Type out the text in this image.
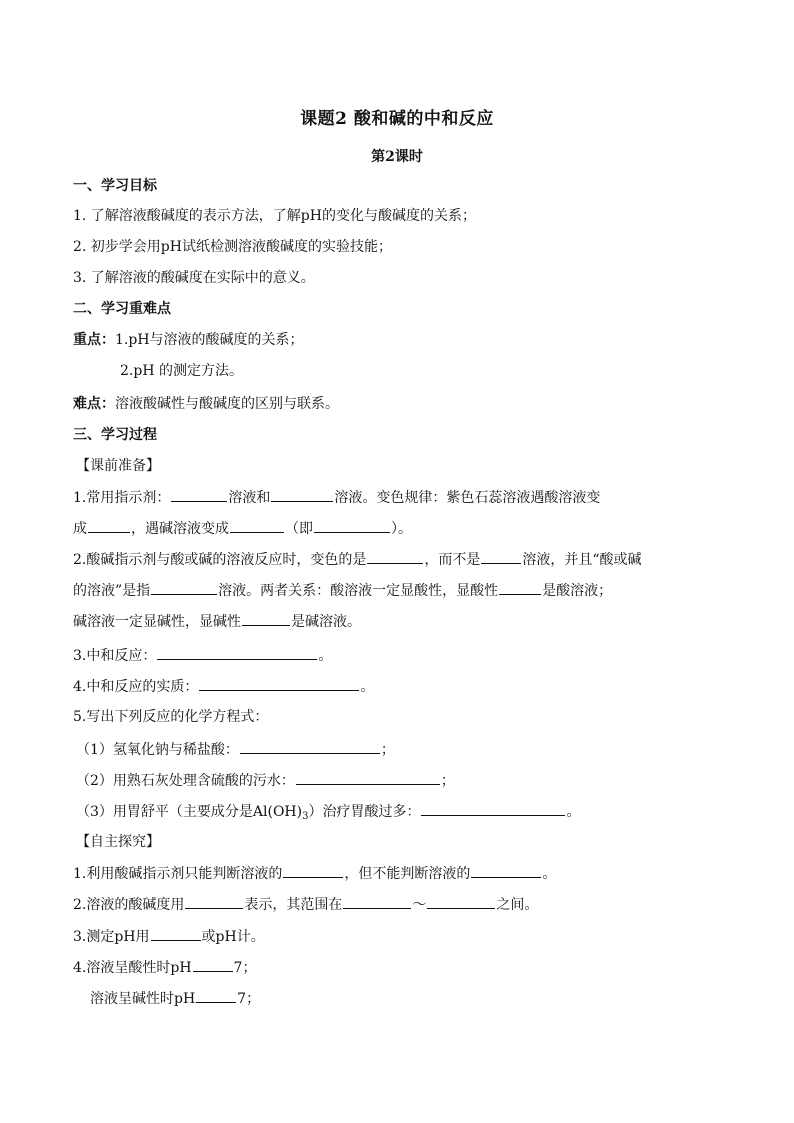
课题2 酸和碱的中和反应
第2课时
一、学习目标
1. 了解溶液酸碱度的表示方法，了解pH的变化与酸碱度的关系；
2. 初步学会用pH试纸检测溶液酸碱度的实验技能；
3. 了解溶液的酸碱度在实际中的意义。
二、学习重难点
重点：1.pH与溶液的酸碱度的关系；
2.pH 的测定方法。
难点：溶液酸碱性与酸碱度的区别与联系。
三、学习过程
【课前准备】
1.常用指示剂：	溶液和	溶液。变色规律：紫色石蕊溶液遇酸溶液变
成	，遇碱溶液变成	（即	）。
2.酸碱指示剂与酸或碱的溶液反应时，变色的是	，而不是	溶液，并且“酸或碱
的溶液”是指	溶液。两者关系：酸溶液一定显酸性，显酸性	是酸溶液；
碱溶液一定显碱性，显碱性	是碱溶液。
3.中和反应：	。
4.中和反应的实质：	。
5.写出下列反应的化学方程式：
（1）氢氧化钠与稀盐酸：	；
（2）用熟石灰处理含硫酸的污水：	；
（3）用胃舒平（主要成分是$Al(OH)_3$）治疗胃酸过多：	。
【自主探究】
1.利用酸碱指示剂只能判断溶液的	，但不能判断溶液的	。
2.溶液的酸碱度用	表示，其范围在	～	之间。
3.测定pH用	或pH计。
4.溶液呈酸性时pH	7；
溶液呈碱性时pH	7；
